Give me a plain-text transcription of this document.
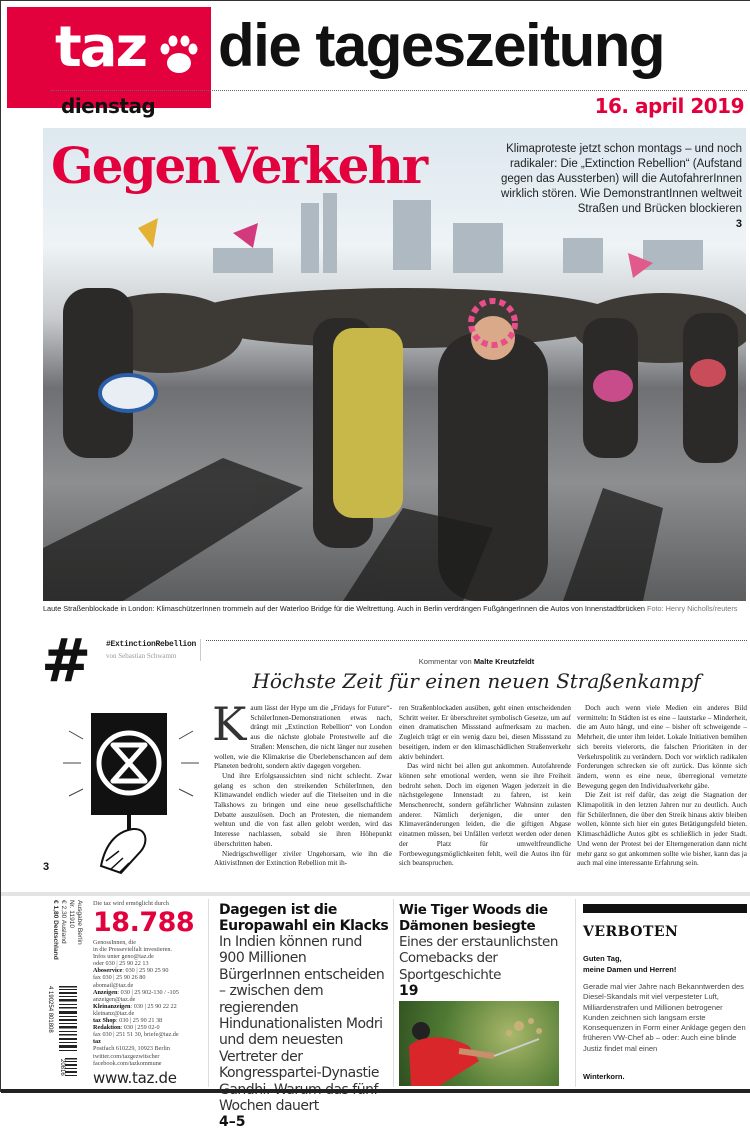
taz die tageszeitung
dienstag	16. april 2019
GegenVerkehr	Klimaproteste jetzt schon montags – und noch radikaler: Die „Extinction Rebellion“ (Aufstand gegen das Aussterben) will die AutofahrerInnen wirklich stören. Wie DemonstrantInnen weltweit Straßen und Brücken blockieren
3
Laute Straßenblockade in London: KlimaschützerInnen trommeln auf der Waterloo Bridge für die Weltrettung. Auch in Berlin verdrängen FußgängerInnen die Autos von Innenstadtbrücken Foto: Henry Nicholls/reuters
# #ExtinctionRebellion
von Sebastian Schwamm
3
Kommentar von Malte Kreutzfeldt
Höchste Zeit für einen neuen Straßenkampf

Kaum lässt der Hype um die „Fridays for Future“-SchülerInnen-Demonstrationen etwas nach, drängt mit „Extinction Rebellion“ von London aus die nächste globale Protestwelle auf die Straßen: Menschen, die nicht länger nur zusehen wollen, wie die Klimakrise die Überlebenschancen auf dem Planeten bedroht, sondern aktiv dagegen vorgehen.

Und ihre Erfolgsaussichten sind nicht schlecht. Zwar gelang es schon den streikenden SchülerInnen, den Klimawandel endlich wieder auf die Titelseiten und in die Talkshows zu bringen und eine neue gesellschaftliche Debatte auszulösen. Doch an Protesten, die niemandem wehtun und die von fast allen gelobt werden, wird das Interesse nachlassen, sobald sie ihren Höhepunkt überschritten haben.

Niedrigschwelliger ziviler Ungehorsam, wie ihn die AktivistInnen der Extinction Rebellion mit ih-

ren Straßenblockaden ausüben, geht einen entscheidenden Schritt weiter. Er überschreitet symbolisch Gesetze, um auf einen dramatischen Missstand aufmerksam zu machen. Zugleich trägt er ein wenig dazu bei, diesen Missstand zu beseitigen, indem er den klimaschädlichen Straßenverkehr aktiv behindert.

Das wird nicht bei allen gut ankommen. Autofahrende können sehr emotional werden, wenn sie ihre Freiheit bedroht sehen. Doch im eigenen Wagen jederzeit in die nächstgelegene Innenstadt zu fahren, ist kein Menschenrecht, sondern gefährlicher Wahnsinn zulasten anderer. Nämlich derjenigen, die unter den Klimaveränderungen leiden, die die giftigen Abgase einatmen müssen, bei Unfällen verletzt werden oder denen der Platz für umweltfreundliche Fortbewegungsmöglichkeiten fehlt, weil die Autos ihn für sich beanspruchen.

Doch auch wenn viele Medien ein anderes Bild vermitteln: In Städten ist es eine – lautstarke – Minderheit, die am Auto hängt, und eine – bisher oft schweigende – Mehrheit, die unter ihm leidet. Lokale Initiativen bemühen sich bereits vielerorts, die falschen Prioritäten in der Verkehrspolitik zu verändern. Doch vor wirklich radikalen Forderungen schrecken sie oft zurück. Das könnte sich ändern, wenn es eine neue, überregional vernetzte Bewegung gegen den Individualverkehr gäbe.

Die Zeit ist reif dafür, das zeigt die Stagnation der Klimapolitik in den letzten Jahren nur zu deutlich. Auch für SchülerInnen, die über den Streik hinaus aktiv bleiben wollen, könnte sich hier ein gutes Betätigungsfeld bieten. Klimaschädliche Autos gibt es schließlich in jeder Stadt. Und wenn der Protest bei der Elterngeneration dann nicht mehr ganz so gut ankommen sollte wie bisher, kann das ja auch mal eine interessante Erfahrung sein.

Ausgabe Berlin
Nr. 11910
€ 2,30 Ausland
€ 1,80 Deutschland
4 190254 801808
20816
Die taz wird ermöglicht durch
18.788
GenossInnen, die
in die Pressevielfalt investieren.
Infos unter geno@taz.de
oder 030 | 25 90 22 13
Aboservice: 030 | 25 90 25 90
fax 030 | 25 90 26 80
abomail@taz.de
Anzeigen: 030 | 25 902-130 / -105
anzeigen@taz.de
Kleinanzeigen: 030 | 25 90 22 22
kleinanz@taz.de
taz Shop: 030 | 25 90 21 38
Redaktion: 030 | 259 02-0
fax 030 | 251 51 30, briefe@taz.de
taz
Postfach 610229, 10923 Berlin
twitter.com/tazgezwitscher
facebook.com/tazkommune
www.taz.de
Dagegen ist die Europawahl ein Klacks

In Indien können rund 900 Millionen BürgerInnen entscheiden – zwischen dem regierenden Hindunationalisten Modri und dem neuesten Vertreter der Kongresspartei-Dynastie Wochen dauert

4–5
Wie Tiger Woods die Dämonen besiegte

Eines der erstaunlichsten Comebacks der Sportgeschichte

19
VERBOTEN
Guten Tag,
meine Damen und Herren!
Gerade mal vier Jahre nach Bekanntwerden des Diesel-Skandals mit viel verpesteter Luft, Milliardenstrafen und Millionen betrogener Kunden zeichnen sich langsam erste Konsequenzen in Form einer Anklage gegen den früheren VW-Chef ab – oder: Auch eine blinde Justiz findet mal einen
Winterkorn.
